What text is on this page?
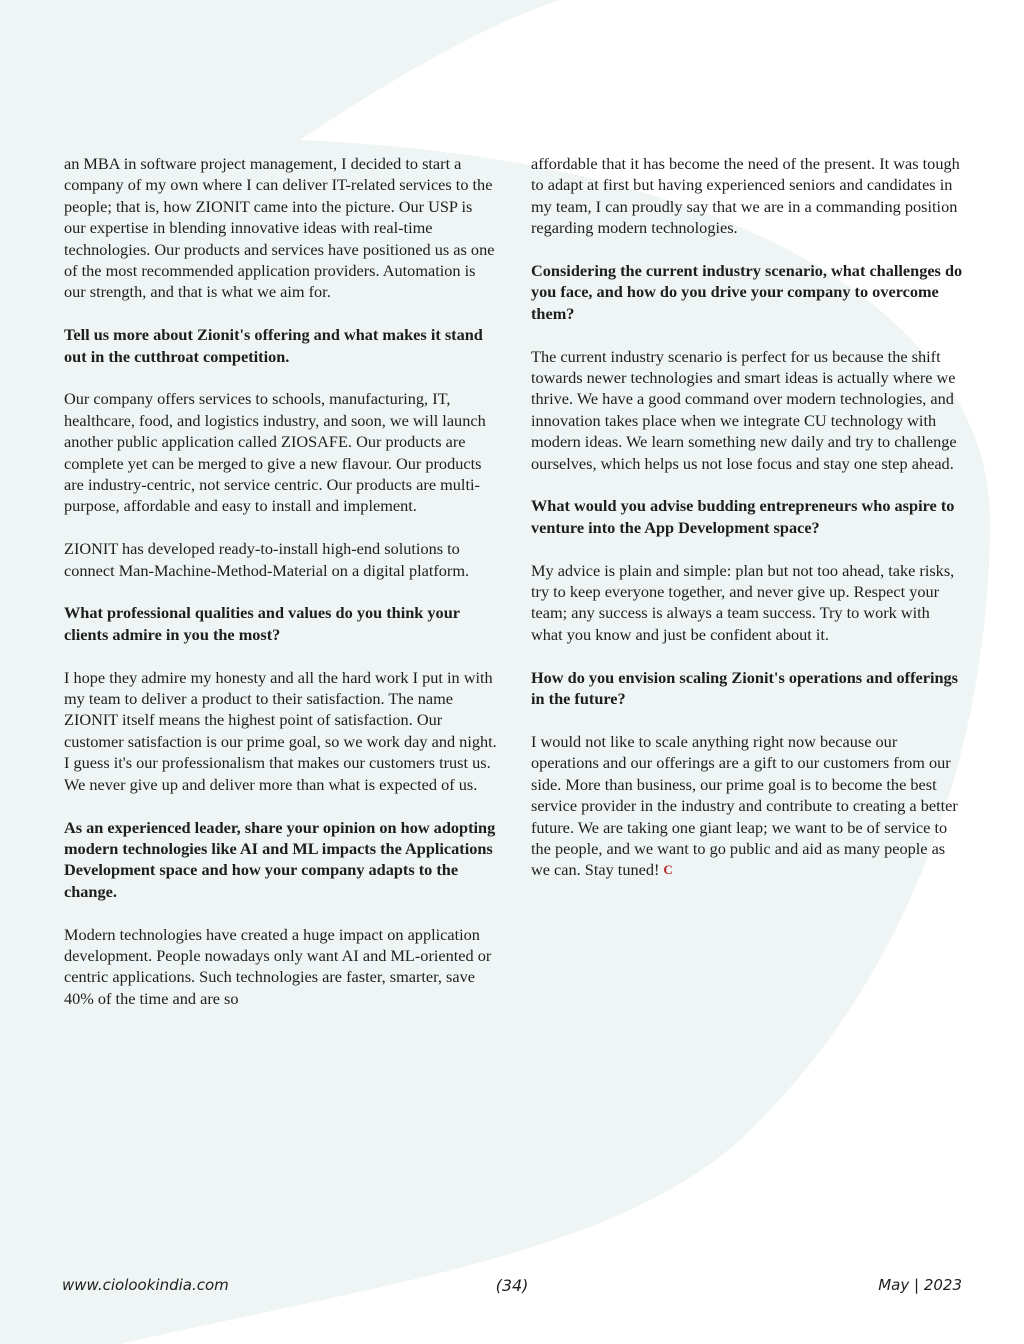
an MBA in software project management, I decided to start a company of my own where I can deliver IT-related services to the people; that is, how ZIONIT came into the picture. Our USP is our expertise in blending innovative ideas with real-time technologies. Our products and services have positioned us as one of the most recommended application providers. Automation is our strength, and that is what we aim for.

Tell us more about Zionit's offering and what makes it stand out in the cutthroat competition.

Our company offers services to schools, manufacturing, IT, healthcare, food, and logistics industry, and soon, we will launch another public application called ZIOSAFE. Our products are complete yet can be merged to give a new flavour. Our products are industry-centric, not service centric. Our products are multi-purpose, affordable and easy to install and implement.

ZIONIT has developed ready-to-install high-end solutions to connect Man-Machine-Method-Material on a digital platform.

What professional qualities and values do you think your clients admire in you the most?

I hope they admire my honesty and all the hard work I put in with my team to deliver a product to their satisfaction. The name ZIONIT itself means the highest point of satisfaction. Our customer satisfaction is our prime goal, so we work day and night. I guess it's our professionalism that makes our customers trust us. We never give up and deliver more than what is expected of us.

As an experienced leader, share your opinion on how adopting modern technologies like AI and ML impacts the Applications Development space and how your company adapts to the change.

Modern technologies have created a huge impact on application development. People nowadays only want AI and ML-oriented or centric applications. Such technologies are faster, smarter, save 40% of the time and are so

affordable that it has become the need of the present. It was tough to adapt at first but having experienced seniors and candidates in my team, I can proudly say that we are in a commanding position regarding modern technologies.

Considering the current industry scenario, what challenges do you face, and how do you drive your company to overcome them?

The current industry scenario is perfect for us because the shift towards newer technologies and smart ideas is actually where we thrive. We have a good command over modern technologies, and innovation takes place when we integrate CU technology with modern ideas. We learn something new daily and try to challenge ourselves, which helps us not lose focus and stay one step ahead.

What would you advise budding entrepreneurs who aspire to venture into the App Development space?

My advice is plain and simple: plan but not too ahead, take risks, try to keep everyone together, and never give up. Respect your team; any success is always a team success. Try to work with what you know and just be confident about it.

How do you envision scaling Zionit's operations and offerings in the future?

I would not like to scale anything right now because our operations and our offerings are a gift to our customers from our side. More than business, our prime goal is to become the best service provider in the industry and contribute to creating a better future. We are taking one giant leap; we want to be of service to the people, and we want to go public and aid as many people as we can. Stay tuned! C

www.ciolookindia.com	(34)	May | 2023
